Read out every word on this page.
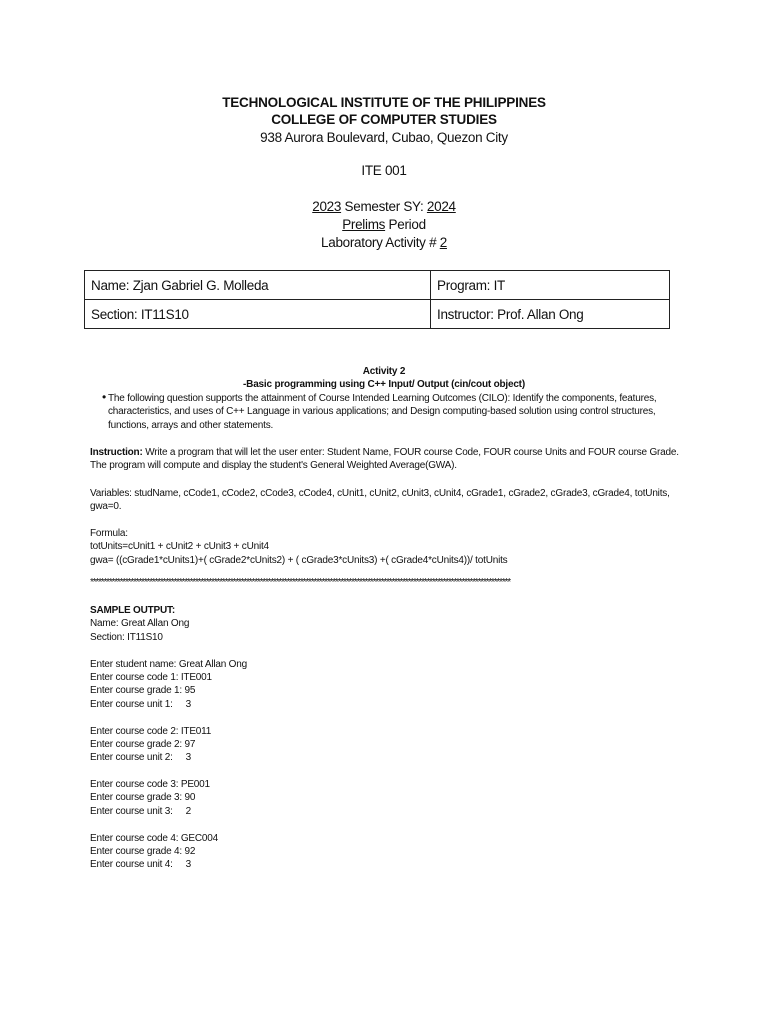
TECHNOLOGICAL INSTITUTE OF THE PHILIPPINES
COLLEGE OF COMPUTER STUDIES
938 Aurora Boulevard, Cubao, Quezon City
ITE 001
2023 Semester SY: 2024
Prelims Period
Laboratory Activity # 2
Name: Zjan Gabriel G. Molleda	Program: IT
Section: IT11S10	Instructor: Prof. Allan Ong
Activity 2
-Basic programming using C++ Input/ Output (cin/cout object)
• The following question supports the attainment of Course Intended Learning Outcomes (CILO): Identify the components, features, characteristics, and uses of C++ Language in various applications; and Design computing-based solution using control structures, functions, arrays and other statements.
Instruction: Write a program that will let the user enter: Student Name, FOUR course Code, FOUR course Units and FOUR course Grade. The program will compute and display the student's General Weighted Average(GWA).
Variables: studName, cCode1, cCode2, cCode3, cCode4, cUnit1, cUnit2, cUnit3, cUnit4, cGrade1, cGrade2, cGrade3, cGrade4, totUnits, gwa=0.
Formula:
totUnits=cUnit1 + cUnit2 + cUnit3 + cUnit4
gwa= ((cGrade1*cUnits1)+( cGrade2*cUnits2) + ( cGrade3*cUnits3) +( cGrade4*cUnits4))/ totUnits
************************************************************************************************************************************************************
SAMPLE OUTPUT:
Name: Great Allan Ong
Section: IT11S10
Enter student name: Great Allan Ong
Enter course code 1: ITE001
Enter course grade 1: 95
Enter course unit 1:     3
Enter course code 2: ITE011
Enter course grade 2: 97
Enter course unit 2:     3
Enter course code 3: PE001
Enter course grade 3: 90
Enter course unit 3:     2
Enter course code 4: GEC004
Enter course grade 4: 92
Enter course unit 4:     3
